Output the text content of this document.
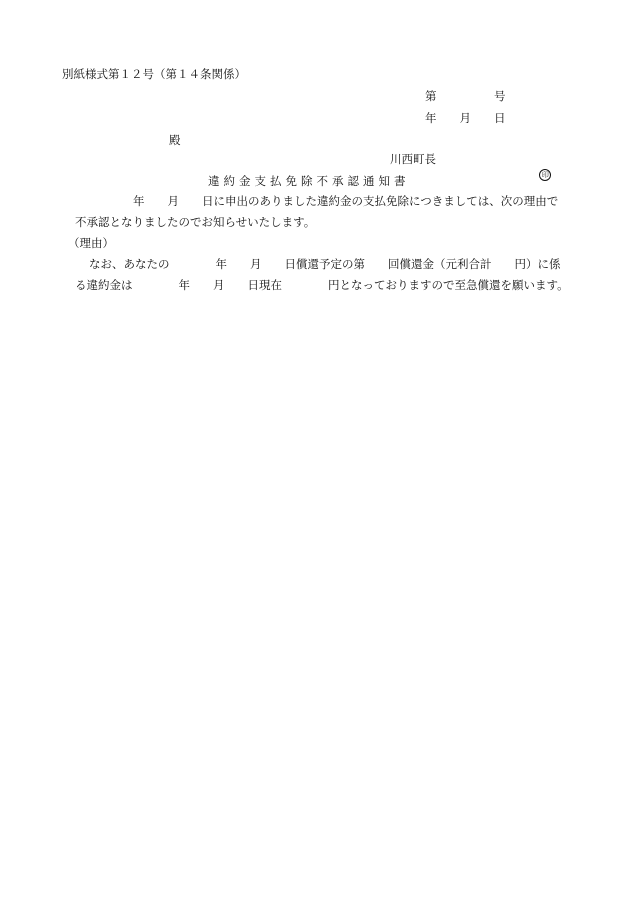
別紙様式第１２号（第１４条関係）
第　　　　　号
年　　月　　日
殿
川西町長

印

違約金支払免除不承認通知書
年　　月　　日に申出のありました違約金の支払免除につきましては、次の理由で
不承認となりましたのでお知らせいたします。
（理由）
なお、あなたの　　　　年　　月　　日償還予定の第　　回償還金（元利合計　　円）に係
る違約金は　　　　年　　月　　日現在　　　　円となっておりますので至急償還を願います。
